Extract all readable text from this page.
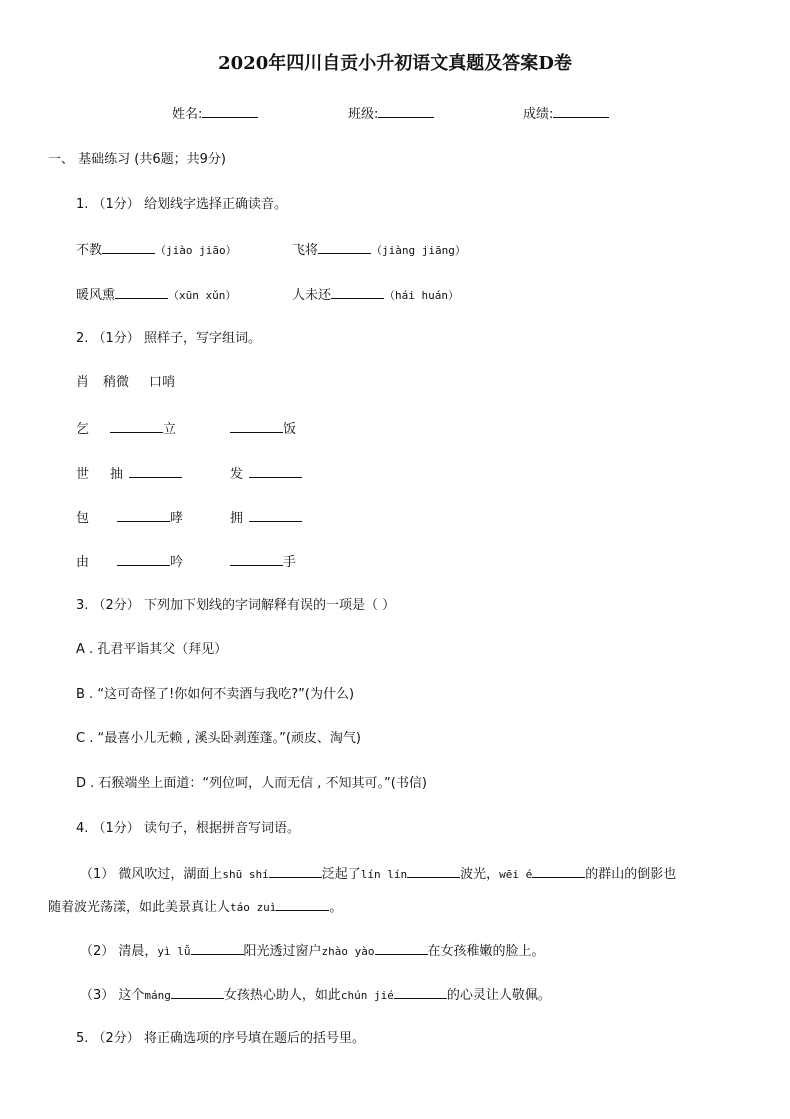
2020年四川自贡小升初语文真题及答案D卷
姓名:	班级:	成绩:
一、 基础练习 (共6题；共9分)
1. （1分） 给划线字选择正确读音。
不教	（jiào jiāo）	飞将	（jiàng jiāng）
暖风熏	（xūn xǔn）	人未还	（hái huán）
2. （1分） 照样子，写字组词。
肖 稍微 口哨
乞	立	饭
世 抽	发
包	哮	拥
由	吟	手
3. （2分） 下列加下划线的字词解释有误的一项是（ ）
A . 孔君平诣其父（拜见）
B . “这可奇怪了!你如何不卖酒与我吃?”(为什么)
C . “最喜小儿无赖 , 溪头卧剥莲蓬。”(顽皮、淘气)
D . 石猴端坐上面道：“列位呵，人而无信 , 不知其可。”(书信)
4. （1分） 读句子，根据拼音写词语。
（1） 微风吹过，湖面上shū shí	泛起了lín lín	波光，wēi é	的群山的倒影也
随着波光荡漾，如此美景真让人táo zuì	。
（2） 清晨，yì lǚ	阳光透过窗户zhào yào	在女孩稚嫩的脸上。
（3） 这个máng	女孩热心助人，如此chún jié	的心灵让人敬佩。
5. （2分） 将正确选项的序号填在题后的括号里。
